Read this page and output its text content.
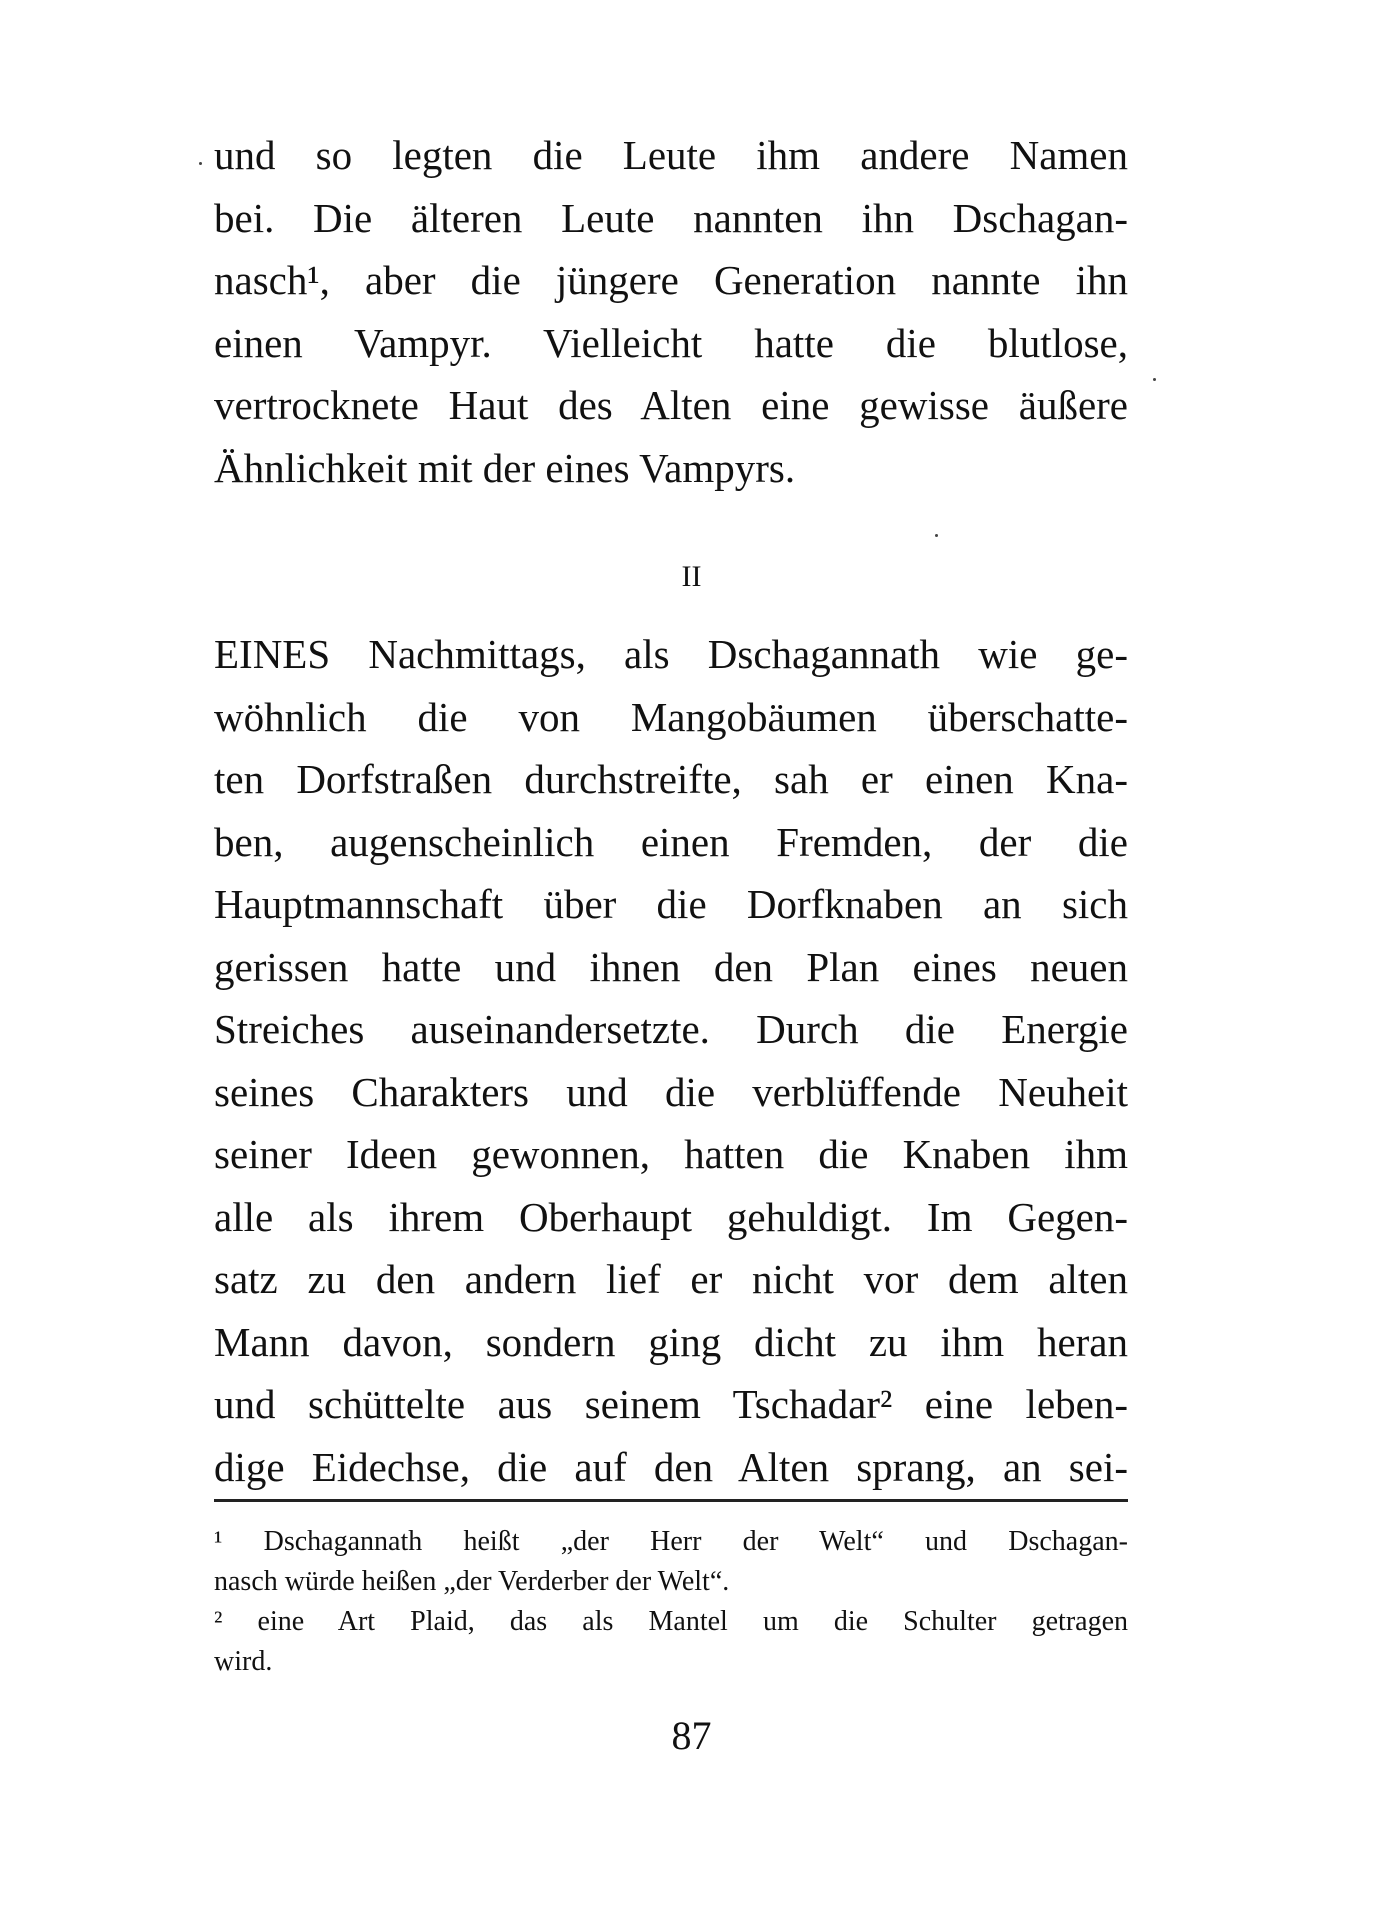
und so legten die Leute ihm andere Namen
bei. Die älteren Leute nannten ihn Dschagan-
nasch¹, aber die jüngere Generation nannte ihn
einen Vampyr. Vielleicht hatte die blutlose,
vertrocknete Haut des Alten eine gewisse äußere
Ähnlichkeit mit der eines Vampyrs.
II
EINES Nachmittags, als Dschagannath wie ge-
wöhnlich die von Mangobäumen überschatte-
ten Dorfstraßen durchstreifte, sah er einen Kna-
ben, augenscheinlich einen Fremden, der die
Hauptmannschaft über die Dorfknaben an sich
gerissen hatte und ihnen den Plan eines neuen
Streiches auseinandersetzte. Durch die Energie
seines Charakters und die verblüffende Neuheit
seiner Ideen gewonnen, hatten die Knaben ihm
alle als ihrem Oberhaupt gehuldigt. Im Gegen-
satz zu den andern lief er nicht vor dem alten
Mann davon, sondern ging dicht zu ihm heran
und schüttelte aus seinem Tschadar² eine leben-
dige Eidechse, die auf den Alten sprang, an sei-
¹ Dschagannath heißt „der Herr der Welt“ und Dschagan-
nasch würde heißen „der Verderber der Welt“.
² eine Art Plaid, das als Mantel um die Schulter getragen
wird.
87
